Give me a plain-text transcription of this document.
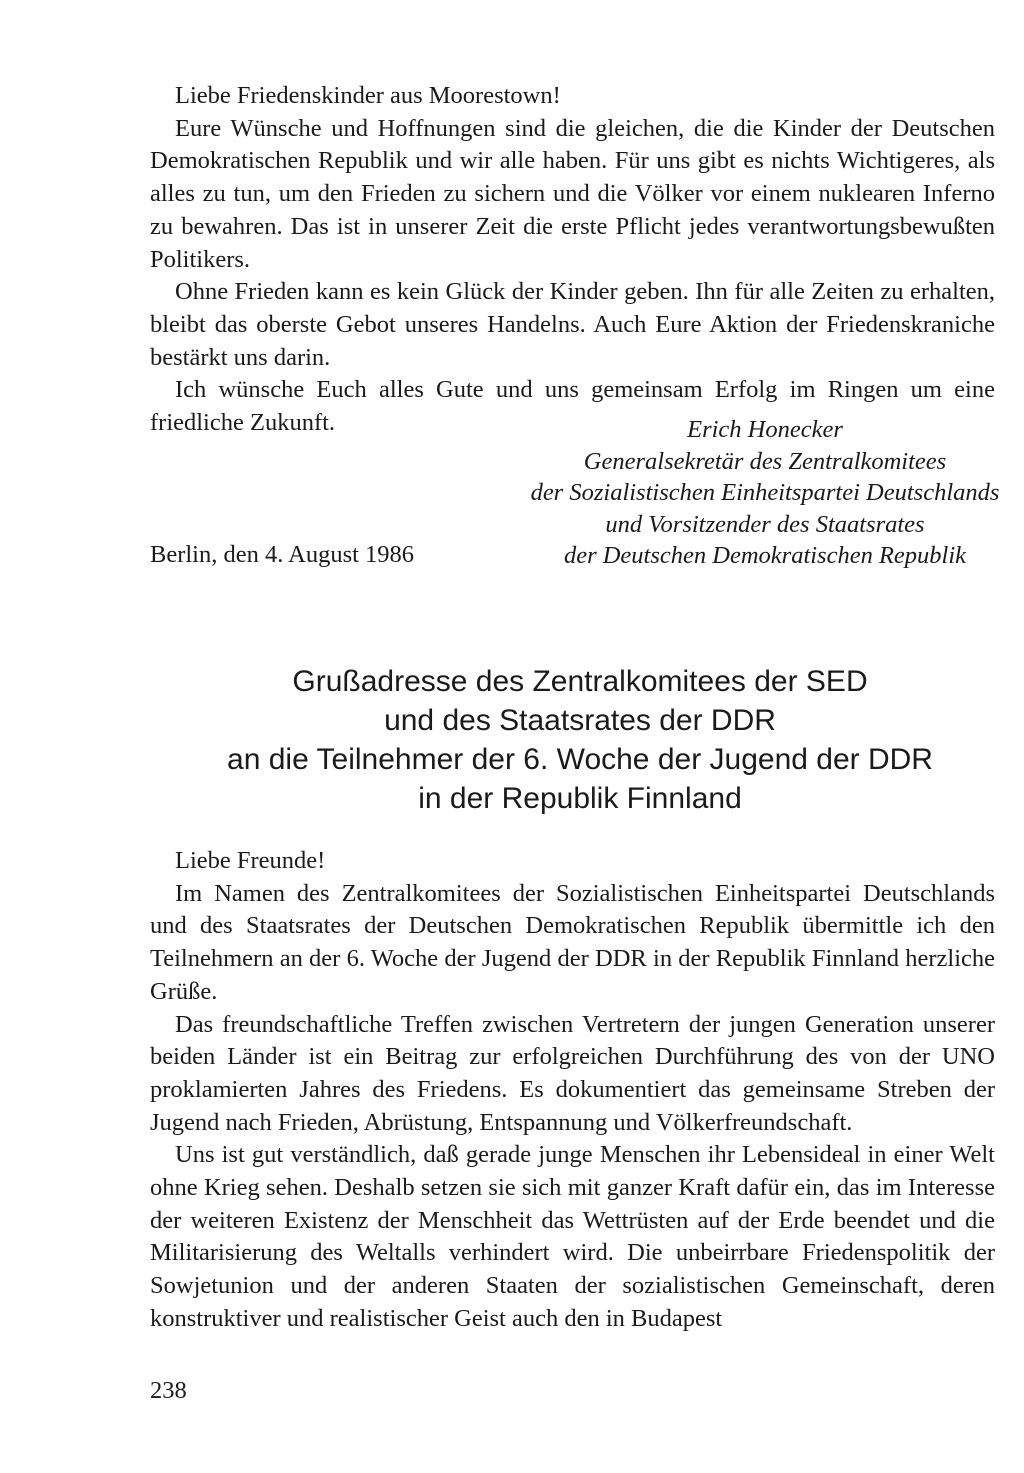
Liebe Friedenskinder aus Moorestown!

Eure Wünsche und Hoffnungen sind die gleichen, die die Kinder der Deutschen Demokratischen Republik und wir alle haben. Für uns gibt es nichts Wichtigeres, als alles zu tun, um den Frieden zu sichern und die Völker vor einem nuklearen Inferno zu bewahren. Das ist in unserer Zeit die erste Pflicht jedes verantwortungsbewußten Politikers.

Ohne Frieden kann es kein Glück der Kinder geben. Ihn für alle Zeiten zu erhalten, bleibt das oberste Gebot unseres Handelns. Auch Eure Aktion der Friedenskraniche bestärkt uns darin.

Ich wünsche Euch alles Gute und uns gemeinsam Erfolg im Ringen um eine friedliche Zukunft.	Erich Honecker
Generalsekretär des Zentralkomitees
der Sozialistischen Einheitspartei Deutschlands
und Vorsitzender des Staatsrates
der Deutschen Demokratischen Republik
Berlin, den 4. August 1986
Grußadresse des Zentralkomitees der SED
und des Staatsrates der DDR
an die Teilnehmer der 6. Woche der Jugend der DDR
in der Republik Finnland
Liebe Freunde!

Im Namen des Zentralkomitees der Sozialistischen Einheitspartei Deutschlands und des Staatsrates der Deutschen Demokratischen Republik übermittle ich den Teilnehmern an der 6. Woche der Jugend der DDR in der Republik Finnland herzliche Grüße.

Das freundschaftliche Treffen zwischen Vertretern der jungen Generation unserer beiden Länder ist ein Beitrag zur erfolgreichen Durchführung des von der UNO proklamierten Jahres des Friedens. Es dokumentiert das gemeinsame Streben der Jugend nach Frieden, Abrüstung, Entspannung und Völkerfreundschaft.

Uns ist gut verständlich, daß gerade junge Menschen ihr Lebensideal in einer Welt ohne Krieg sehen. Deshalb setzen sie sich mit ganzer Kraft dafür ein, das im Interesse der weiteren Existenz der Menschheit das Wettrüsten auf der Erde beendet und die Militarisierung des Weltalls verhindert wird. Die unbeirrbare Friedenspolitik der Sowjetunion und der anderen Staaten der sozialistischen Gemeinschaft, deren konstruktiver und realistischer Geist auch den in Budapest

238
